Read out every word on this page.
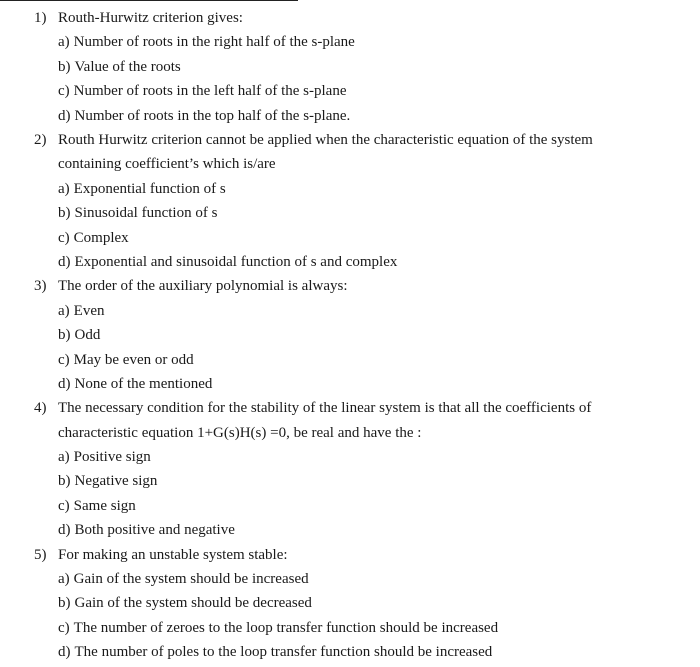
1) Routh-Hurwitz criterion gives:
a) Number of roots in the right half of the s-plane
b) Value of the roots
c) Number of roots in the left half of the s-plane
d) Number of roots in the top half of the s-plane.
2) Routh Hurwitz criterion cannot be applied when the characteristic equation of the system containing coefficient’s which is/are
a) Exponential function of s
b) Sinusoidal function of s
c) Complex
d) Exponential and sinusoidal function of s and complex
3) The order of the auxiliary polynomial is always:
a) Even
b) Odd
c) May be even or odd
d) None of the mentioned
4) The necessary condition for the stability of the linear system is that all the coefficients of characteristic equation 1+G(s)H(s) =0, be real and have the :
a) Positive sign
b) Negative sign
c) Same sign
d) Both positive and negative
5) For making an unstable system stable:
a) Gain of the system should be increased
b) Gain of the system should be decreased
c) The number of zeroes to the loop transfer function should be increased
d) The number of poles to the loop transfer function should be increased
